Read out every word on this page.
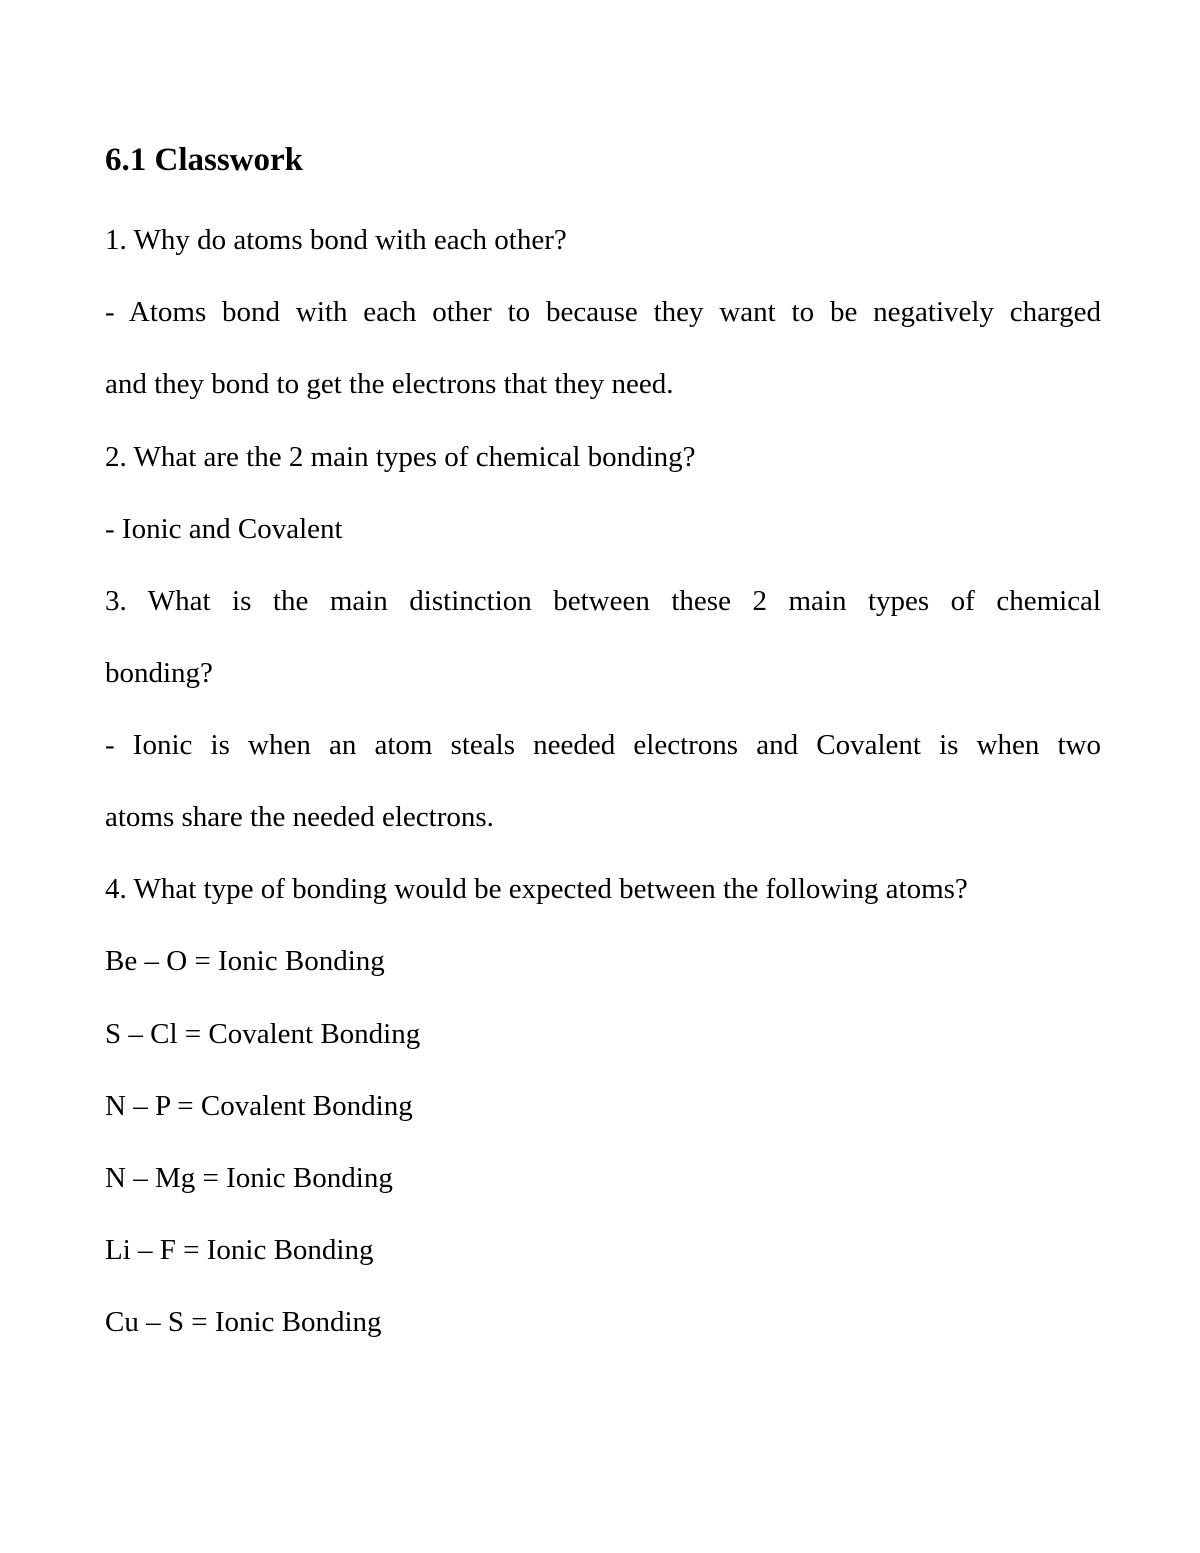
6.1 Classwork

1. Why do atoms bond with each other?

- Atoms bond with each other to because they want to be negatively charged

and they bond to get the electrons that they need.

2. What are the 2 main types of chemical bonding?

- Ionic and Covalent

3. What is the main distinction between these 2 main types of chemical

bonding?

- Ionic is when an atom steals needed electrons and Covalent is when two

atoms share the needed electrons.

4. What type of bonding would be expected between the following atoms?

Be – O = Ionic Bonding

S – Cl = Covalent Bonding

N – P = Covalent Bonding

N – Mg = Ionic Bonding

Li – F = Ionic Bonding

Cu – S = Ionic Bonding
